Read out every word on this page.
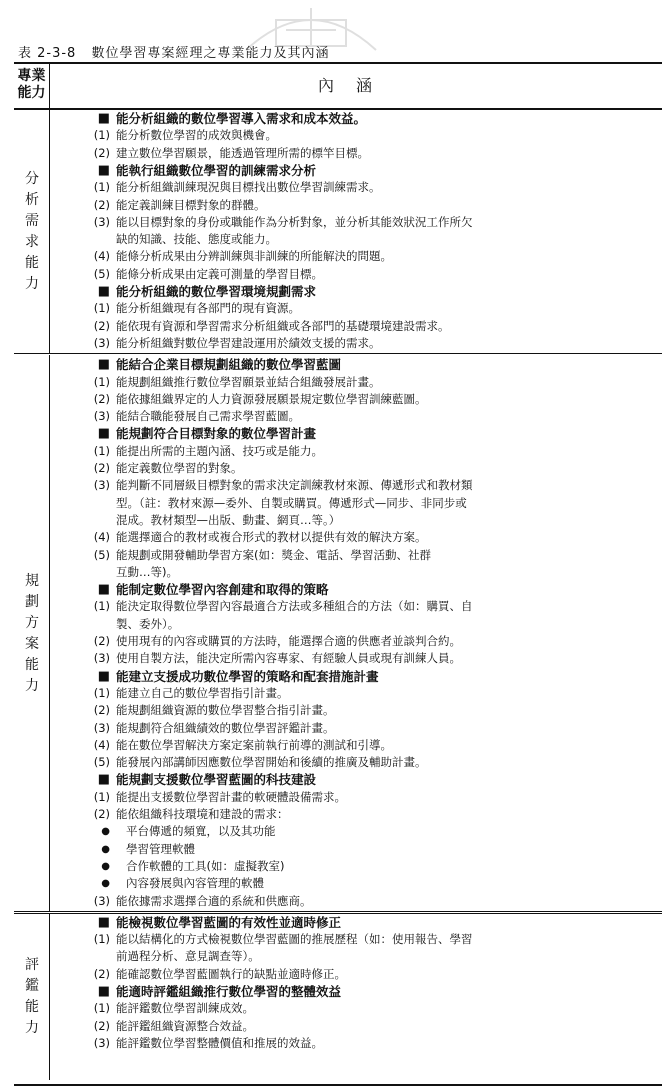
表 2-3-8 數位學習專案經理之專業能力及其內涵
專業能力	內涵
■ 能分析組織的數位學習導入需求和成本效益。
(1) 能分析數位學習的成效與機會。
(2) 建立數位學習願景，能透過管理所需的標竿目標。
■ 能執行組織數位學習的訓練需求分析
(1) 能分析組織訓練現況與目標找出數位學習訓練需求。
(2) 能定義訓練目標對象的群體。
(3) 能以目標對象的身份或職能作為分析對象，並分析其能效狀況工作所欠
缺的知識、技能、態度或能力。
(4) 能條分析成果由分辨訓練與非訓練的所能解決的問題。
(5) 能條分析成果由定義可測量的學習目標。
■ 能分析組織的數位學習環境規劃需求
(1) 能分析組織現有各部門的現有資源。
(2) 能依現有資源和學習需求分析組織或各部門的基礎環境建設需求。
(3) 能分析組織對數位學習建設運用於績效支援的需求。
分
析
需
求
能
力
■ 能結合企業目標規劃組織的數位學習藍圖
(1) 能規劃組織推行數位學習願景並結合組織發展計畫。
(2) 能依據組織界定的人力資源發展願景規定數位學習訓練藍圖。
(3) 能結合職能發展自己需求學習藍圖。
■ 能規劃符合目標對象的數位學習計畫
(1) 能提出所需的主題內涵、技巧或是能力。
(2) 能定義數位學習的對象。
(3) 能判斷不同層級目標對象的需求決定訓練教材來源、傳遞形式和教材類
型。（註：教材來源—委外、自製或購買。傳遞形式—同步、非同步或
混成。教材類型—出版、動畫、網頁…等。）
(4) 能選擇適合的教材或複合形式的教材以提供有效的解決方案。
(5) 能規劃或開發輔助學習方案(如：獎金、電話、學習活動、社群
互動…等)。
■ 能制定數位學習內容創建和取得的策略
(1) 能決定取得數位學習內容最適合方法或多種組合的方法（如：購買、自
製、委外）。
(2) 使用現有的內容或購買的方法時，能選擇合適的供應者並談判合約。
(3) 使用自製方法，能決定所需內容專家、有經驗人員或現有訓練人員。
■ 能建立支援成功數位學習的策略和配套措施計畫
(1) 能建立自己的數位學習指引計畫。
(2) 能規劃組織資源的數位學習整合指引計畫。
(3) 能規劃符合組織績效的數位學習評鑑計畫。
(4) 能在數位學習解決方案定案前執行前導的測試和引導。
(5) 能發展內部講師因應數位學習開始和後續的推廣及輔助計畫。
■ 能規劃支援數位學習藍圖的科技建設
(1) 能提出支援數位學習計畫的軟硬體設備需求。
(2) 能依組織科技環境和建設的需求：
● 平台傳遞的頻寬，以及其功能
● 學習管理軟體
● 合作軟體的工具(如：虛擬教室)
● 內容發展與內容管理的軟體
(3) 能依據需求選擇合適的系統和供應商。
規
劃
方
案
能
力
■ 能檢視數位學習藍圖的有效性並適時修正
(1) 能以結構化的方式檢視數位學習藍圖的推展歷程（如：使用報告、學習
前過程分析、意見調查等）。
(2) 能確認數位學習藍圖執行的缺點並適時修正。
■ 能適時評鑑組織推行數位學習的整體效益
(1) 能評鑑數位學習訓練成效。
(2) 能評鑑組織資源整合效益。
(3) 能評鑑數位學習整體價值和推展的效益。
評
鑑
能
力
